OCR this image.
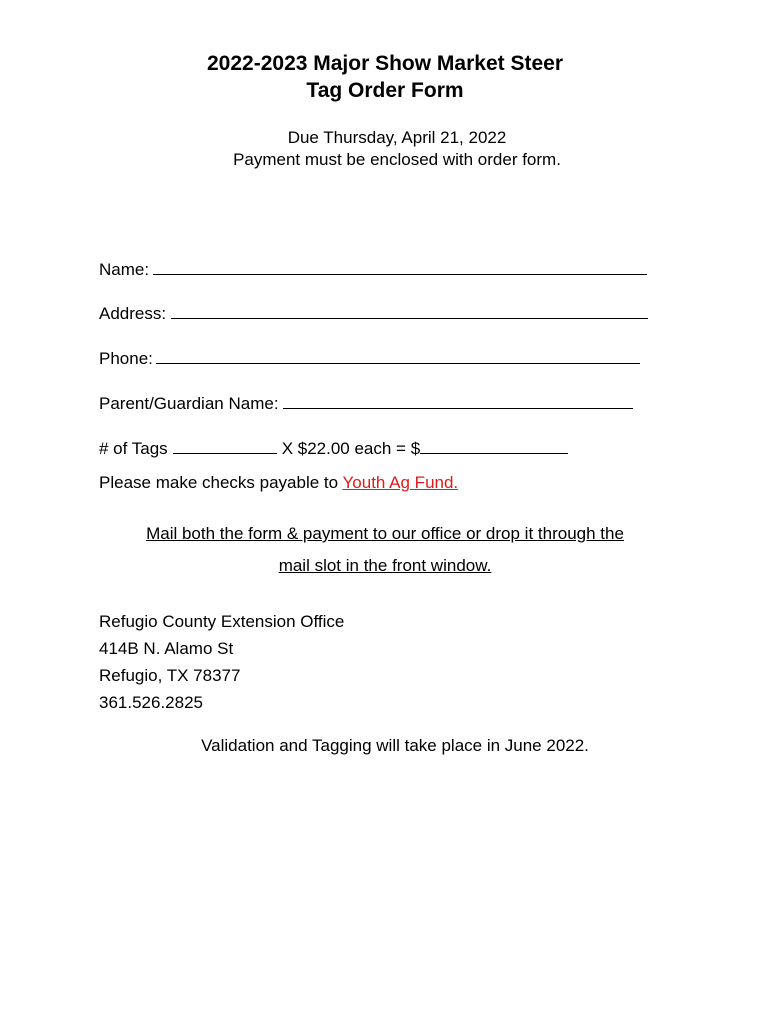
2022-2023 Major Show Market Steer
Tag Order Form
Due Thursday, April 21, 2022
Payment must be enclosed with order form.
Name:
Address:
Phone:
Parent/Guardian Name:
# of Tags	X $22.00 each = $
Please make checks payable to Youth Ag Fund.
Mail both the form & payment to our office or drop it through the
mail slot in the front window.
Refugio County Extension Office
414B N. Alamo St
Refugio, TX 78377
361.526.2825
Validation and Tagging will take place in June 2022.
